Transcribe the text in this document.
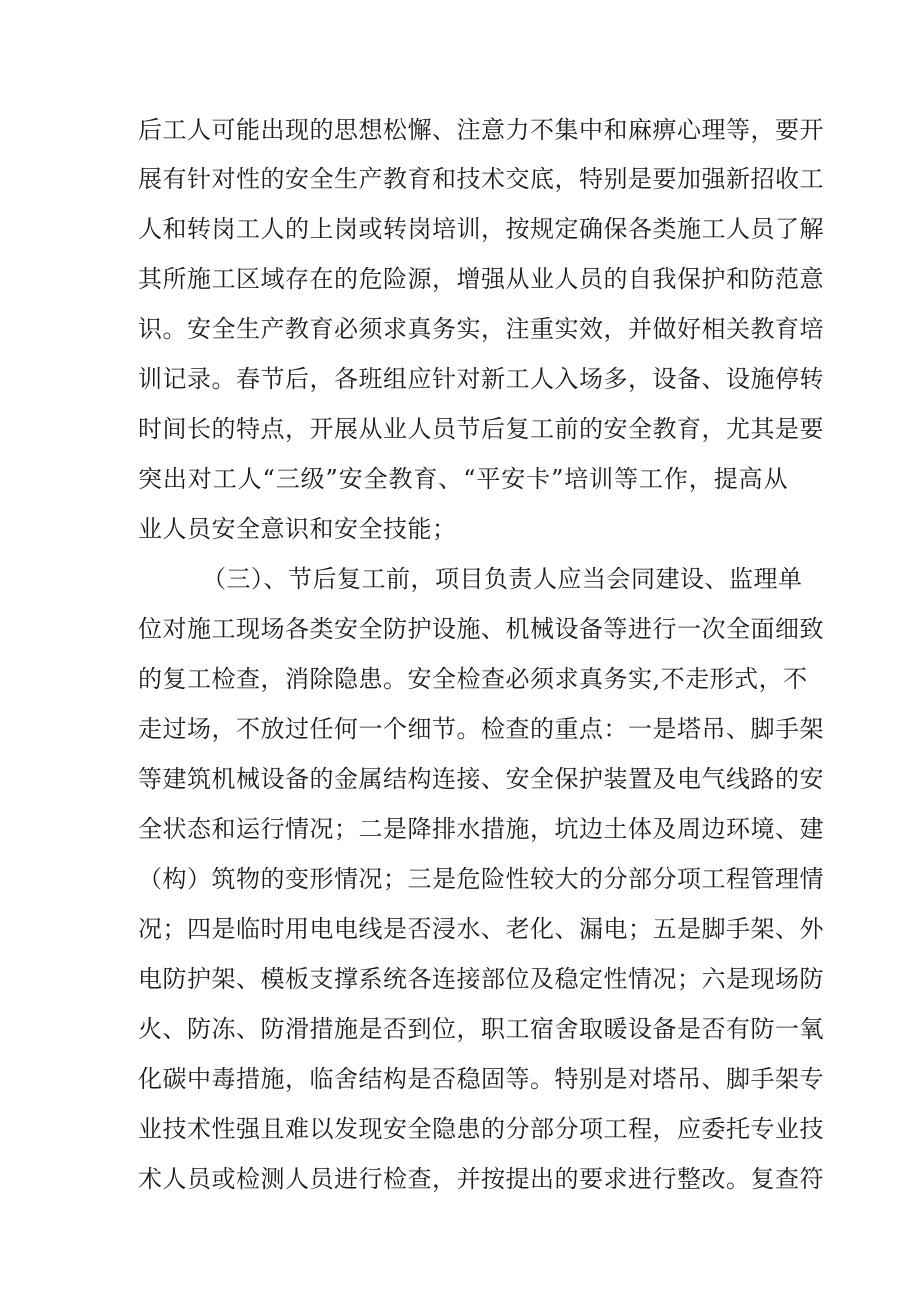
后工人可能出现的思想松懈、注意力不集中和麻痹心理等，要开
展有针对性的安全生产教育和技术交底，特别是要加强新招收工
人和转岗工人的上岗或转岗培训，按规定确保各类施工人员了解
其所施工区域存在的危险源，增强从业人员的自我保护和防范意
识。安全生产教育必须求真务实，注重实效，并做好相关教育培
训记录。春节后，各班组应针对新工人入场多，设备、设施停转
时间长的特点，开展从业人员节后复工前的安全教育，尤其是要
突出对工人“三级”安全教育、“平安卡”培训等工作，提高从
业人员安全意识和安全技能；
（三）、节后复工前，项目负责人应当会同建设、监理单
位对施工现场各类安全防护设施、机械设备等进行一次全面细致
的复工检查，消除隐患。安全检查必须求真务实,不走形式，不
走过场，不放过任何一个细节。检查的重点：一是塔吊、脚手架
等建筑机械设备的金属结构连接、安全保护装置及电气线路的安
全状态和运行情况；二是降排水措施，坑边土体及周边环境、建
（构）筑物的变形情况；三是危险性较大的分部分项工程管理情
况；四是临时用电电线是否浸水、老化、漏电；五是脚手架、外
电防护架、模板支撑系统各连接部位及稳定性情况；六是现场防
火、防冻、防滑措施是否到位，职工宿舍取暖设备是否有防一氧
化碳中毒措施，临舍结构是否稳固等。特别是对塔吊、脚手架专
业技术性强且难以发现安全隐患的分部分项工程，应委托专业技
术人员或检测人员进行检查，并按提出的要求进行整改。复查符
